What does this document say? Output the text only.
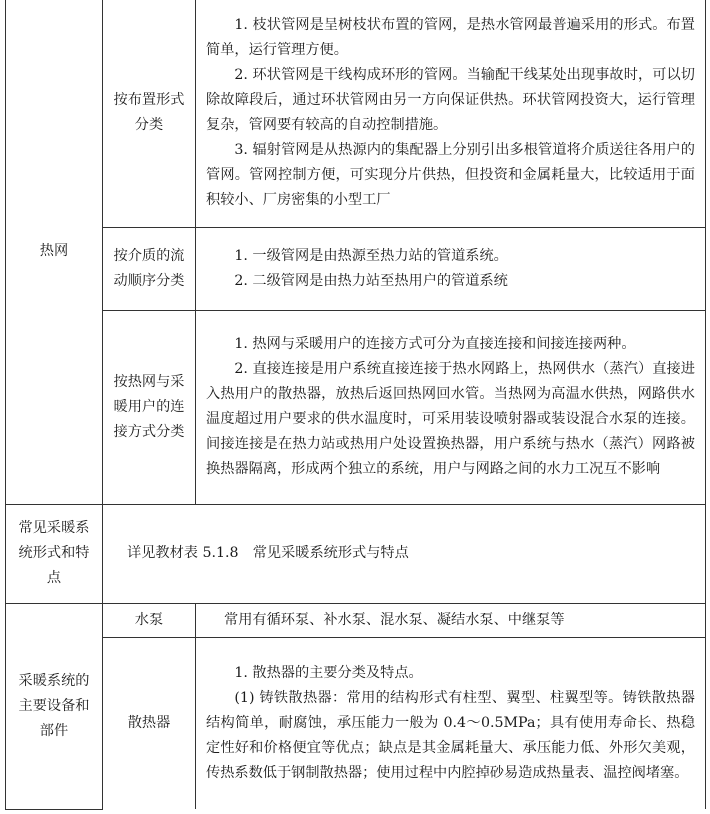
热网	按布置形式分类	1. 枝状管网是呈树枝状布置的管网，是热水管网最普遍采用的形式。布置简单，运行管理方便。

2. 环状管网是干线构成环形的管网。当输配干线某处出现事故时，可以切除故障段后，通过环状管网由另一方向保证供热。环状管网投资大，运行管理复杂，管网要有较高的自动控制措施。

3. 辐射管网是从热源内的集配器上分别引出多根管道将介质送往各用户的管网。管网控制方便，可实现分片供热，但投资和金属耗量大，比较适用于面积较小、厂房密集的小型工厂

	按介质的流动顺序分类	1. 一级管网是由热源至热力站的管道系统。

2. 二级管网是由热力站至热用户的管道系统

	按热网与采暖用户的连接方式分类	1. 热网与采暖用户的连接方式可分为直接连接和间接连接两种。

2. 直接连接是用户系统直接连接于热水网路上，热网供水（蒸汽）直接进入热用户的散热器，放热后返回热网回水管。当热网为高温水供热，网路供水温度超过用户要求的供水温度时，可采用装设喷射器或装设混合水泵的连接。间接连接是在热力站或热用户处设置换热器，用户系统与热水（蒸汽）网路被换热器隔离，形成两个独立的系统，用户与网路之间的水力工况互不影响

常见采暖系统形式和特点	详见教材表 5.1.8　常见采暖系统形式与特点	
采暖系统的主要设备和部件	水泵	常用有循环泵、补水泵、混水泵、凝结水泵、中继泵等
	散热器	1. 散热器的主要分类及特点。

(1) 铸铁散热器：常用的结构形式有柱型、翼型、柱翼型等。铸铁散热器结构简单，耐腐蚀，承压能力一般为 0.4～0.5MPa；具有使用寿命长、热稳定性好和价格便宜等优点；缺点是其金属耗量大、承压能力低、外形欠美观，传热系数低于钢制散热器；使用过程中内腔掉砂易造成热量表、温控阀堵塞。
